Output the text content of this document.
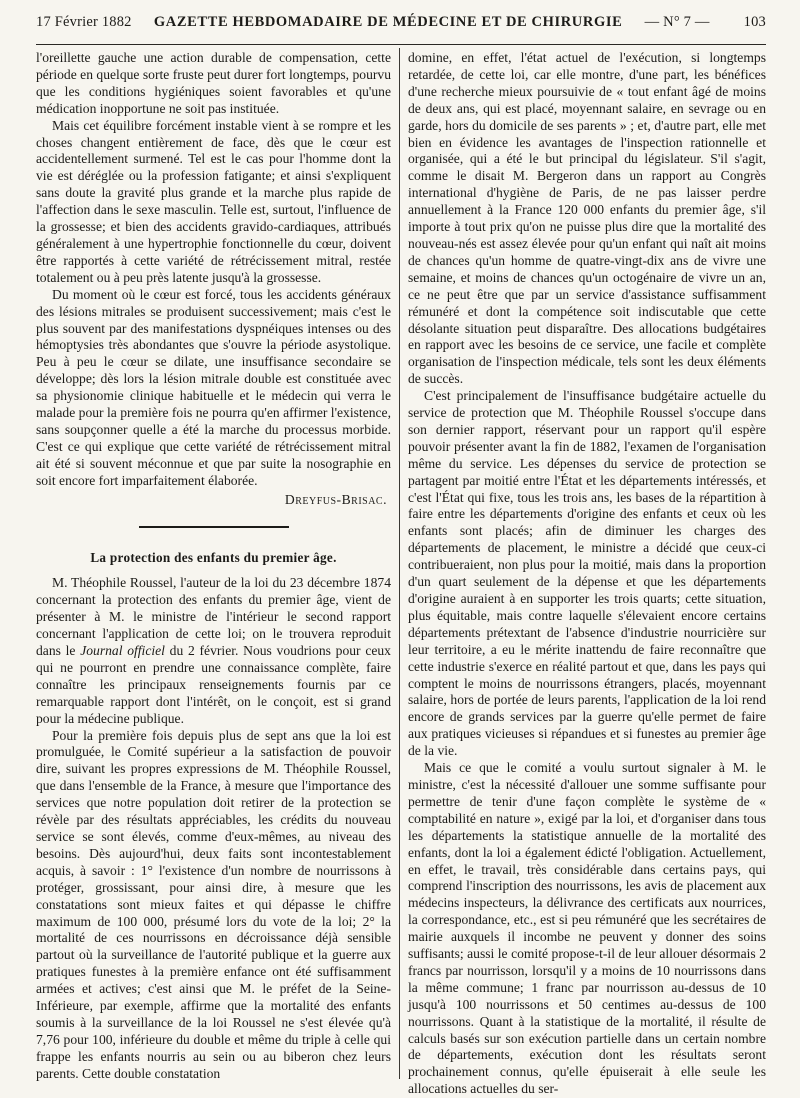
17 Février 1882 GAZETTE HEBDOMADAIRE DE MÉDECINE ET DE CHIRURGIE — N° 7 — 103

l'oreillette gauche une action durable de compensation, cette période en quelque sorte fruste peut durer fort longtemps, pourvu que les conditions hygiéniques soient favorables et qu'une médication inopportune ne soit pas instituée.

Mais cet équilibre forcément instable vient à se rompre et les choses changent entièrement de face, dès que le cœur est accidentellement surmené. Tel est le cas pour l'homme dont la vie est déréglée ou la profession fatigante; et ainsi s'expliquent sans doute la gravité plus grande et la marche plus rapide de l'affection dans le sexe masculin. Telle est, surtout, l'influence de la grossesse; et bien des accidents gravido-cardiaques, attribués généralement à une hypertrophie fonctionnelle du cœur, doivent être rapportés à cette variété de rétrécissement mitral, restée totalement ou à peu près latente jusqu'à la grossesse.

Du moment où le cœur est forcé, tous les accidents généraux des lésions mitrales se produisent successivement; mais c'est le plus souvent par des manifestations dyspnéiques intenses ou des hémoptysies très abondantes que s'ouvre la période asystolique. Peu à peu le cœur se dilate, une insuffisance secondaire se développe; dès lors la lésion mitrale double est constituée avec sa physionomie clinique habituelle et le médecin qui verra le malade pour la première fois ne pourra qu'en affirmer l'existence, sans soupçonner quelle a été la marche du processus morbide. C'est ce qui explique que cette variété de rétrécissement mitral ait été si souvent méconnue et que par suite la nosographie en soit encore fort imparfaitement élaborée.

Dreyfus-Brisac.
La protection des enfants du premier âge.

M. Théophile Roussel, l'auteur de la loi du 23 décembre 1874 concernant la protection des enfants du premier âge, vient de présenter à M. le ministre de l'intérieur le second rapport concernant l'application de cette loi; on le trouvera reproduit dans le Journal officiel du 2 février. Nous voudrions pour ceux qui ne pourront en prendre une connaissance complète, faire connaître les principaux renseignements fournis par ce remarquable rapport dont l'intérêt, on le conçoit, est si grand pour la médecine publique.

Pour la première fois depuis plus de sept ans que la loi est promulguée, le Comité supérieur a la satisfaction de pouvoir dire, suivant les propres expressions de M. Théophile Roussel, que dans l'ensemble de la France, à mesure que l'importance des services que notre population doit retirer de la protection se révèle par des résultats appréciables, les crédits du nouveau service se sont élevés, comme d'eux-mêmes, au niveau des besoins. Dès aujourd'hui, deux faits sont incontestablement acquis, à savoir : 1° l'existence d'un nombre de nourrissons à protéger, grossissant, pour ainsi dire, à mesure que les constatations sont mieux faites et qui dépasse le chiffre maximum de 100 000, présumé lors du vote de la loi; 2° la mortalité de ces nourrissons en décroissance déjà sensible partout où la surveillance de l'autorité publique et la guerre aux pratiques funestes à la première enfance ont été suffisamment armées et actives; c'est ainsi que M. le préfet de la Seine-Inférieure, par exemple, affirme que la mortalité des enfants soumis à la surveillance de la loi Roussel ne s'est élevée qu'à 7,76 pour 100, inférieure du double et même du triple à celle qui frappe les enfants nourris au sein ou au biberon chez leurs parents. Cette double constatation

domine, en effet, l'état actuel de l'exécution, si longtemps retardée, de cette loi, car elle montre, d'une part, les bénéfices d'une recherche mieux poursuivie de « tout enfant âgé de moins de deux ans, qui est placé, moyennant salaire, en sevrage ou en garde, hors du domicile de ses parents » ; et, d'autre part, elle met bien en évidence les avantages de l'inspection rationnelle et organisée, qui a été le but principal du législateur. S'il s'agit, comme le disait M. Bergeron dans un rapport au Congrès international d'hygiène de Paris, de ne pas laisser perdre annuellement à la France 120 000 enfants du premier âge, s'il importe à tout prix qu'on ne puisse plus dire que la mortalité des nouveau-nés est assez élevée pour qu'un enfant qui naît ait moins de chances qu'un homme de quatre-vingt-dix ans de vivre une semaine, et moins de chances qu'un octogénaire de vivre un an, ce ne peut être que par un service d'assistance suffisamment rémunéré et dont la compétence soit indiscutable que cette désolante situation peut disparaître. Des allocations budgétaires en rapport avec les besoins de ce service, une facile et complète organisation de l'inspection médicale, tels sont les deux éléments de succès.

C'est principalement de l'insuffisance budgétaire actuelle du service de protection que M. Théophile Roussel s'occupe dans son dernier rapport, réservant pour un rapport qu'il espère pouvoir présenter avant la fin de 1882, l'examen de l'organisation même du service. Les dépenses du service de protection se partagent par moitié entre l'État et les départements intéressés, et c'est l'État qui fixe, tous les trois ans, les bases de la répartition à faire entre les départements d'origine des enfants et ceux où les enfants sont placés; afin de diminuer les charges des départements de placement, le ministre a décidé que ceux-ci contribueraient, non plus pour la moitié, mais dans la proportion d'un quart seulement de la dépense et que les départements d'origine auraient à en supporter les trois quarts; cette situation, plus équitable, mais contre laquelle s'élevaient encore certains départements prétextant de l'absence d'industrie nourricière sur leur territoire, a eu le mérite inattendu de faire reconnaître que cette industrie s'exerce en réalité partout et que, dans les pays qui comptent le moins de nourrissons étrangers, placés, moyennant salaire, hors de portée de leurs parents, l'application de la loi rend encore de grands services par la guerre qu'elle permet de faire aux pratiques vicieuses si répandues et si funestes au premier âge de la vie.

Mais ce que le comité a voulu surtout signaler à M. le ministre, c'est la nécessité d'allouer une somme suffisante pour permettre de tenir d'une façon complète le système de « comptabilité en nature », exigé par la loi, et d'organiser dans tous les départements la statistique annuelle de la mortalité des enfants, dont la loi a également édicté l'obligation. Actuellement, en effet, le travail, très considérable dans certains pays, qui comprend l'inscription des nourrissons, les avis de placement aux médecins inspecteurs, la délivrance des certificats aux nourrices, la correspondance, etc., est si peu rémunéré que les secrétaires de mairie auxquels il incombe ne peuvent y donner des soins suffisants; aussi le comité propose-t-il de leur allouer désormais 2 francs par nourrisson, lorsqu'il y a moins de 10 nourrissons dans la même commune; 1 franc par nourrisson au-dessus de 10 jusqu'à 100 nourrissons et 50 centimes au-dessus de 100 nourrissons. Quant à la statistique de la mortalité, il résulte de calculs basés sur son exécution partielle dans un certain nombre de départements, exécution dont les résultats seront prochainement connus, qu'elle épuiserait à elle seule les allocations actuelles du ser-
